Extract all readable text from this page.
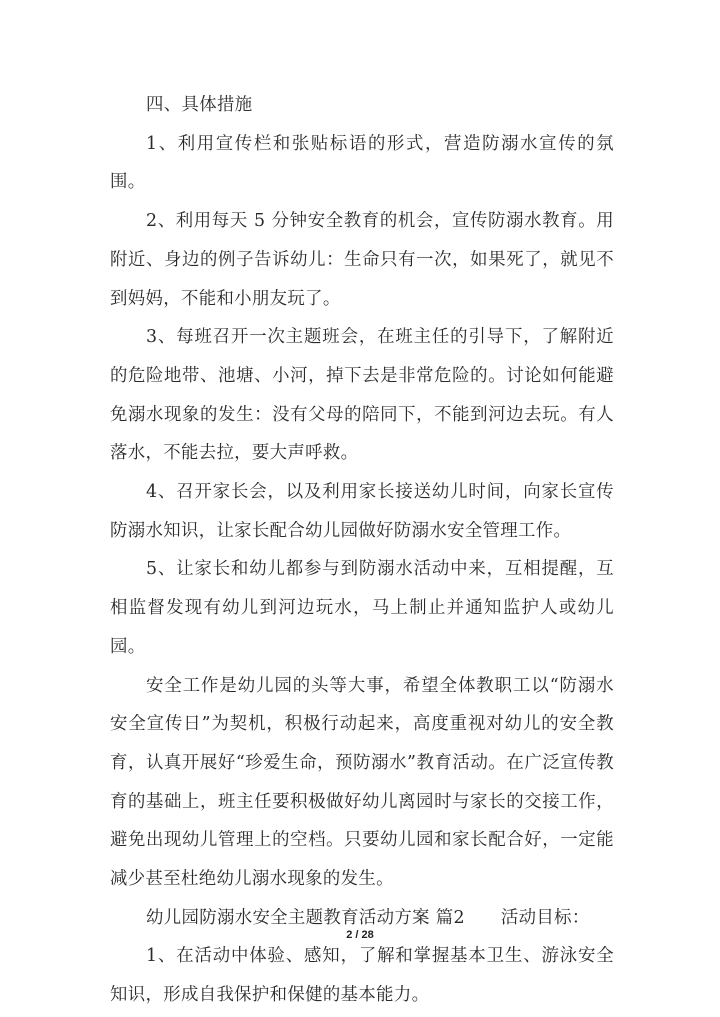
四、具体措施

1、利用宣传栏和张贴标语的形式，营造防溺水宣传的氛围。

2、利用每天 5 分钟安全教育的机会，宣传防溺水教育。用附近、身边的例子告诉幼儿：生命只有一次，如果死了，就见不到妈妈，不能和小朋友玩了。

3、每班召开一次主题班会，在班主任的引导下，了解附近的危险地带、池塘、小河，掉下去是非常危险的。讨论如何能避免溺水现象的发生：没有父母的陪同下，不能到河边去玩。有人落水，不能去拉，要大声呼救。

4、召开家长会，以及利用家长接送幼儿时间，向家长宣传防溺水知识，让家长配合幼儿园做好防溺水安全管理工作。

5、让家长和幼儿都参与到防溺水活动中来，互相提醒，互相监督发现有幼儿到河边玩水，马上制止并通知监护人或幼儿园。

安全工作是幼儿园的头等大事，希望全体教职工以“防溺水安全宣传日”为契机，积极行动起来，高度重视对幼儿的安全教育，认真开展好“珍爱生命，预防溺水”教育活动。在广泛宣传教育的基础上，班主任要积极做好幼儿离园时与家长的交接工作，避免出现幼儿管理上的空档。只要幼儿园和家长配合好，一定能减少甚至杜绝幼儿溺水现象的发生。

幼儿园防溺水安全主题教育活动方案 篇2 活动目标：

1、在活动中体验、感知，了解和掌握基本卫生、游泳安全知识，形成自我保护和保健的基本能力。

2 / 28
